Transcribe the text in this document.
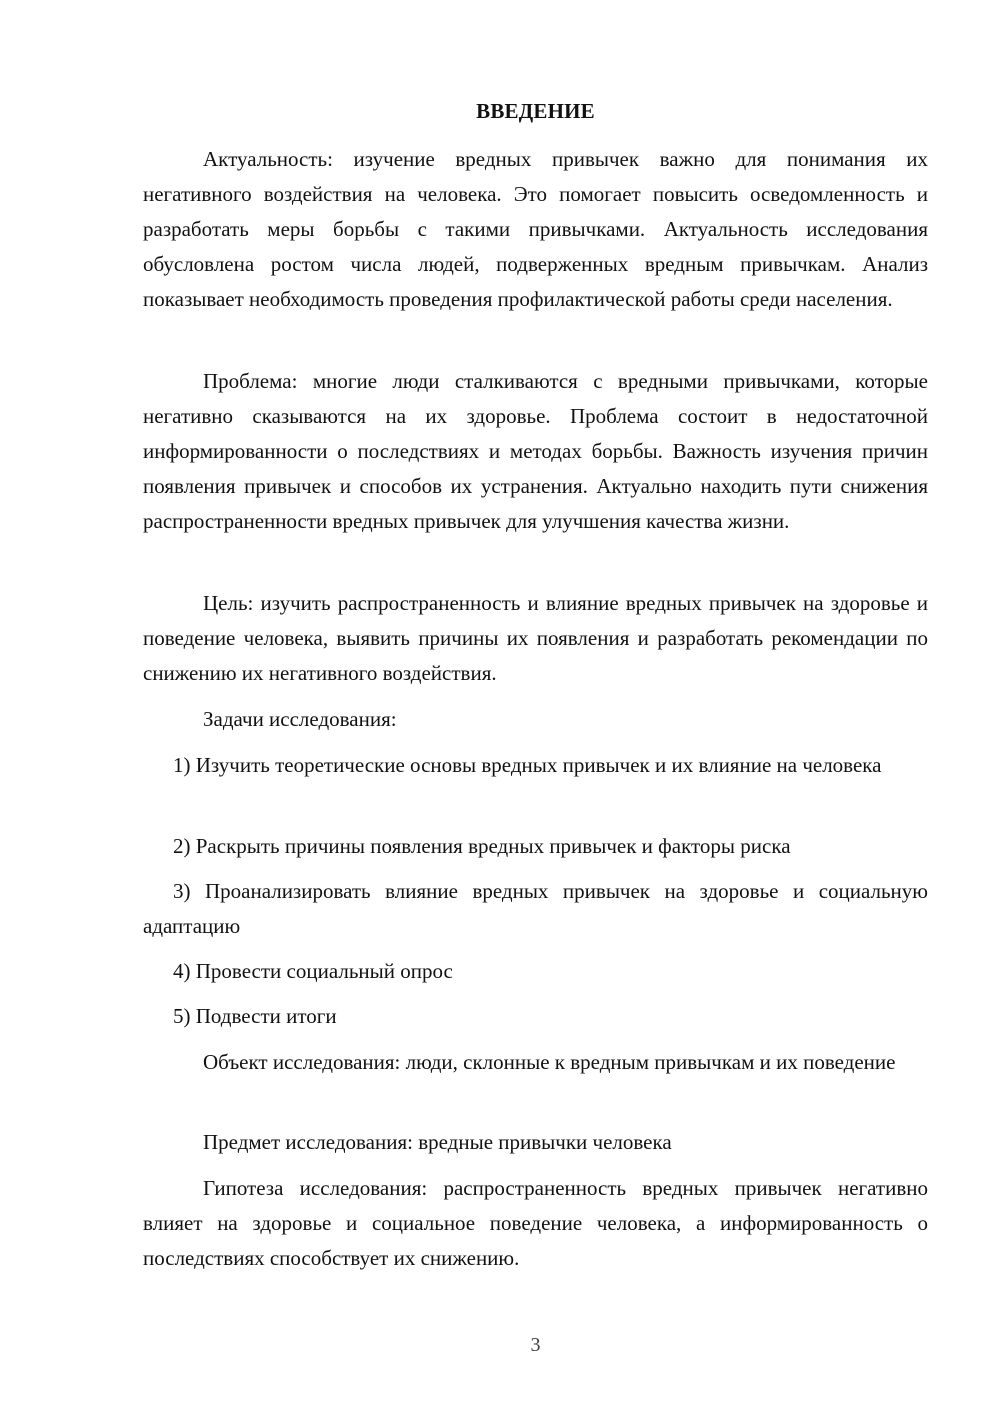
ВВЕДЕНИЕ

Актуальность: изучение вредных привычек важно для понимания их негативного воздействия на человека. Это помогает повысить осведомленность и разработать меры борьбы с такими привычками. Актуальность исследования обусловлена ростом числа людей, подверженных вредным привычкам. Анализ показывает необходимость проведения профилактической работы среди населения.

Проблема: многие люди сталкиваются с вредными привычками, которые негативно сказываются на их здоровье. Проблема состоит в недостаточной информированности о последствиях и методах борьбы. Важность изучения причин появления привычек и способов их устранения. Актуально находить пути снижения распространенности вредных привычек для улучшения качества жизни.

Цель: изучить распространенность и влияние вредных привычек на здоровье и поведение человека, выявить причины их появления и разработать рекомендации по снижению их негативного воздействия.

Задачи исследования:

1) Изучить теоретические основы вредных привычек и их влияние на человека

2) Раскрыть причины появления вредных привычек и факторы риска

3) Проанализировать влияние вредных привычек на здоровье и социальную адаптацию

4) Провести социальный опрос

5) Подвести итоги

Объект исследования: люди, склонные к вредным привычкам и их поведение

Предмет исследования: вредные привычки человека

Гипотеза исследования: распространенность вредных привычек негативно влияет на здоровье и социальное поведение человека, а информированность о последствиях способствует их снижению.

3
